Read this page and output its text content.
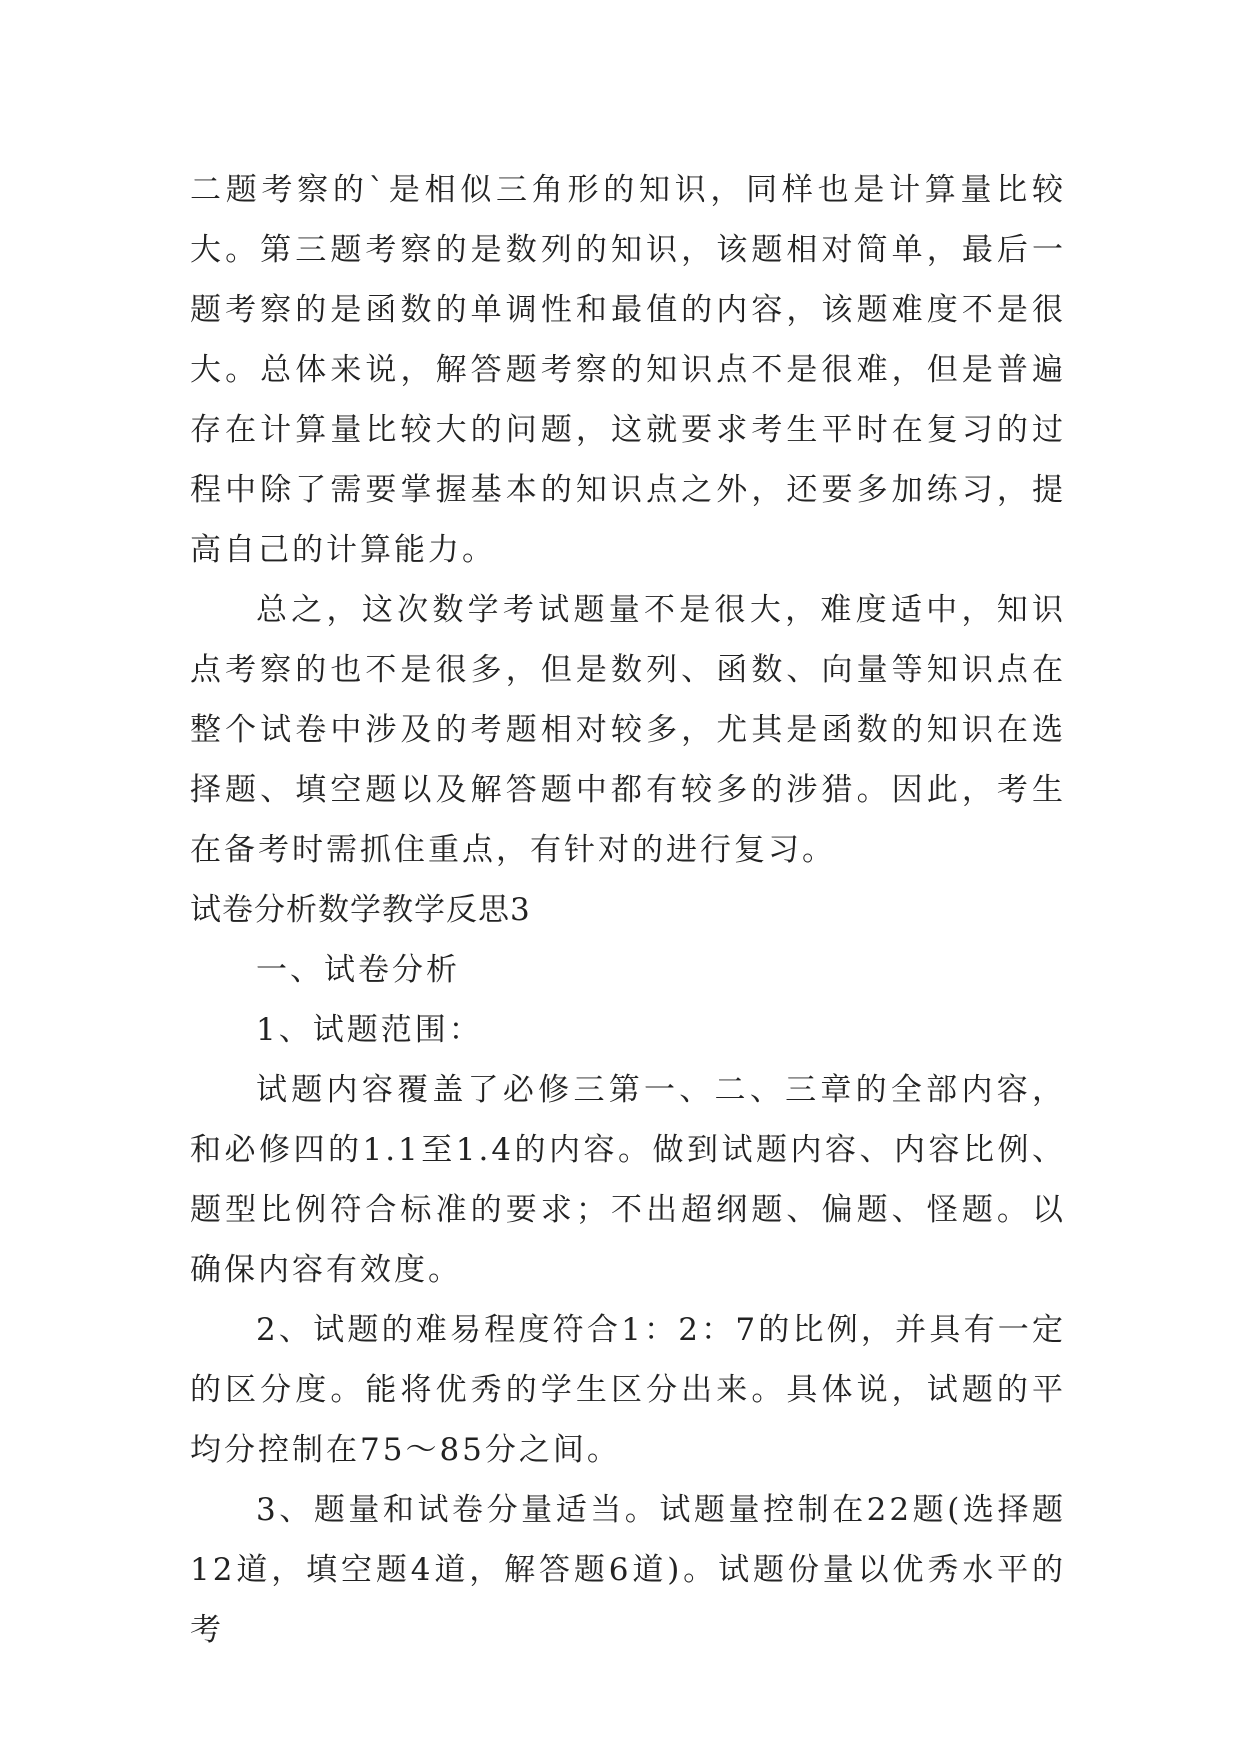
二题考察的`是相似三角形的知识，同样也是计算量比较大。第三题考察的是数列的知识，该题相对简单，最后一题考察的是函数的单调性和最值的内容，该题难度不是很大。总体来说，解答题考察的知识点不是很难，但是普遍存在计算量比较大的问题，这就要求考生平时在复习的过程中除了需要掌握基本的知识点之外，还要多加练习，提高自己的计算能力。

总之，这次数学考试题量不是很大，难度适中，知识点考察的也不是很多，但是数列、函数、向量等知识点在整个试卷中涉及的考题相对较多，尤其是函数的知识在选择题、填空题以及解答题中都有较多的涉猎。因此，考生在备考时需抓住重点，有针对的进行复习。

试卷分析数学教学反思3

一、试卷分析

1、试题范围：

试题内容覆盖了必修三第一、二、三章的全部内容，和必修四的1.1至1.4的内容。做到试题内容、内容比例、题型比例符合标准的要求；不出超纲题、偏题、怪题。以确保内容有效度。

2、试题的难易程度符合1：2：7的比例，并具有一定的区分度。能将优秀的学生区分出来。具体说，试题的平均分控制在75～85分之间。

3、题量和试卷分量适当。试题量控制在22题(选择题12道，填空题4道，解答题6道)。试题份量以优秀水平的考
